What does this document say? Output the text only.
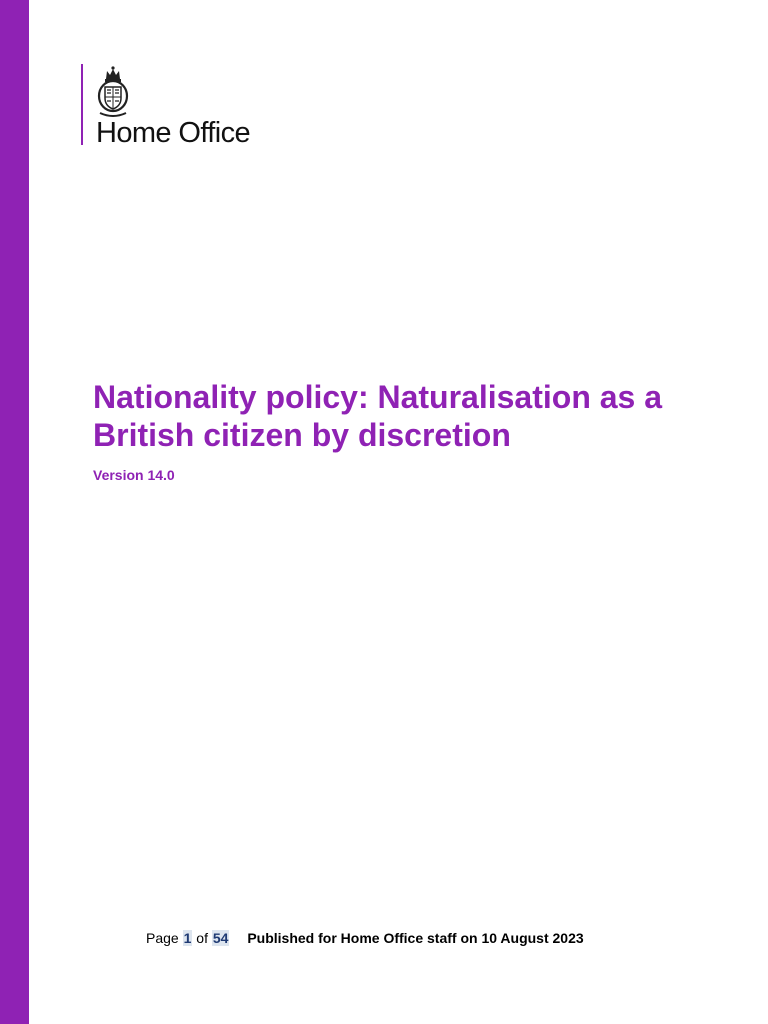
Home Office
Nationality policy: Naturalisation as a British citizen by discretion

Version 14.0

Page 1 of 54 Published for Home Office staff on 10 August 2023
